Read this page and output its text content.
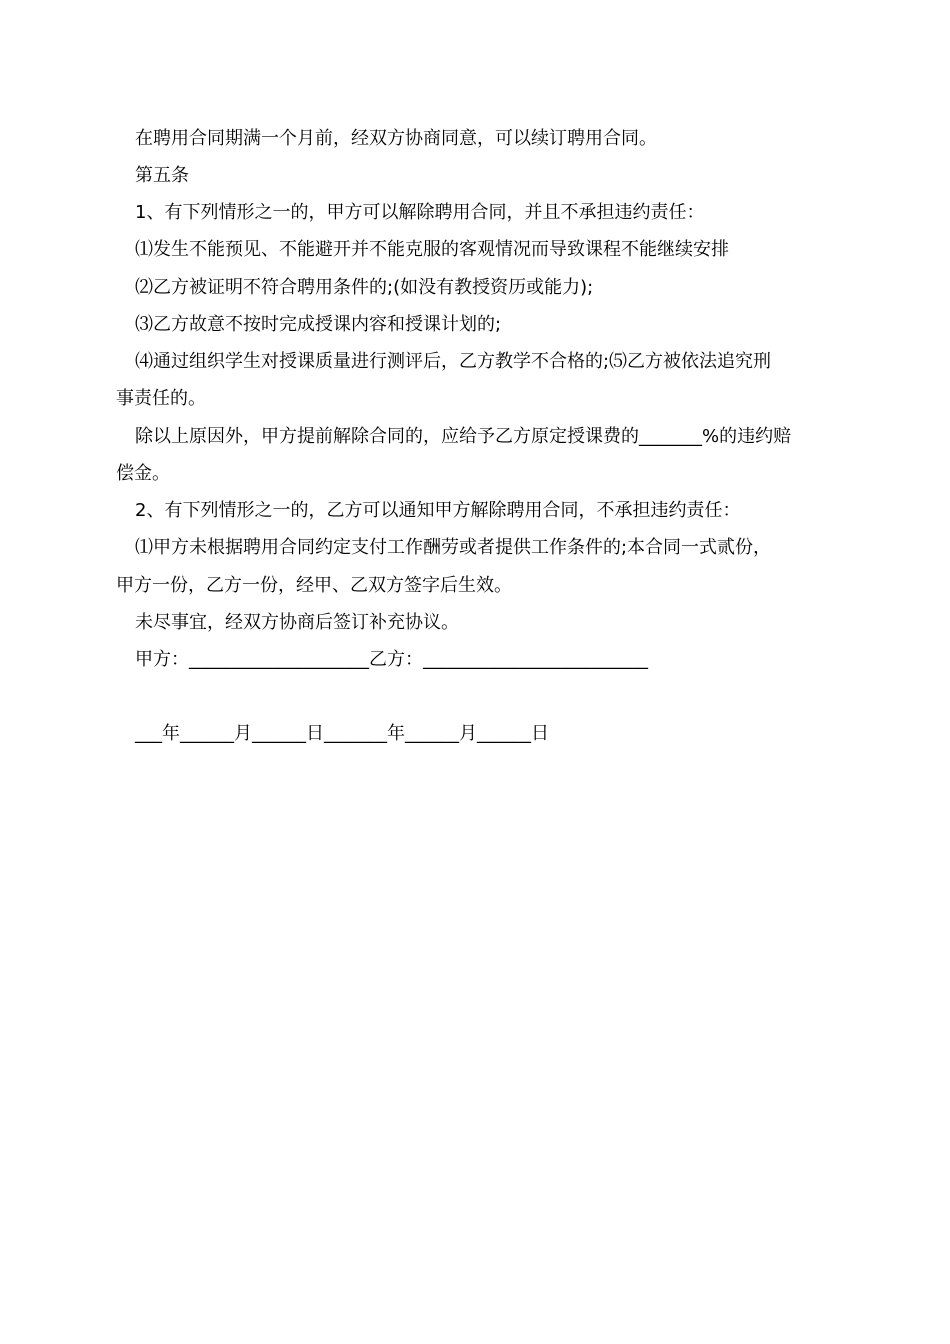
在聘用合同期满一个月前，经双方协商同意，可以续订聘用合同。
第五条
1、有下列情形之一的，甲方可以解除聘用合同，并且不承担违约责任：
⑴发生不能预见、不能避开并不能克服的客观情况而导致课程不能继续安排
⑵乙方被证明不符合聘用条件的;(如没有教授资历或能力);
⑶乙方故意不按时完成授课内容和授课计划的;
⑷通过组织学生对授课质量进行测评后，乙方教学不合格的;⑸乙方被依法追究刑
事责任的。
除以上原因外，甲方提前解除合同的，应给予乙方原定授课费的_______%的违约赔
偿金。
2、有下列情形之一的，乙方可以通知甲方解除聘用合同，不承担违约责任：
⑴甲方未根据聘用合同约定支付工作酬劳或者提供工作条件的;本合同一式贰份，
甲方一份，乙方一份，经甲、乙双方签字后生效。
未尽事宜，经双方协商后签订补充协议。
甲方：____________________乙方：_________________________
___年______月______日_______年______月______日
